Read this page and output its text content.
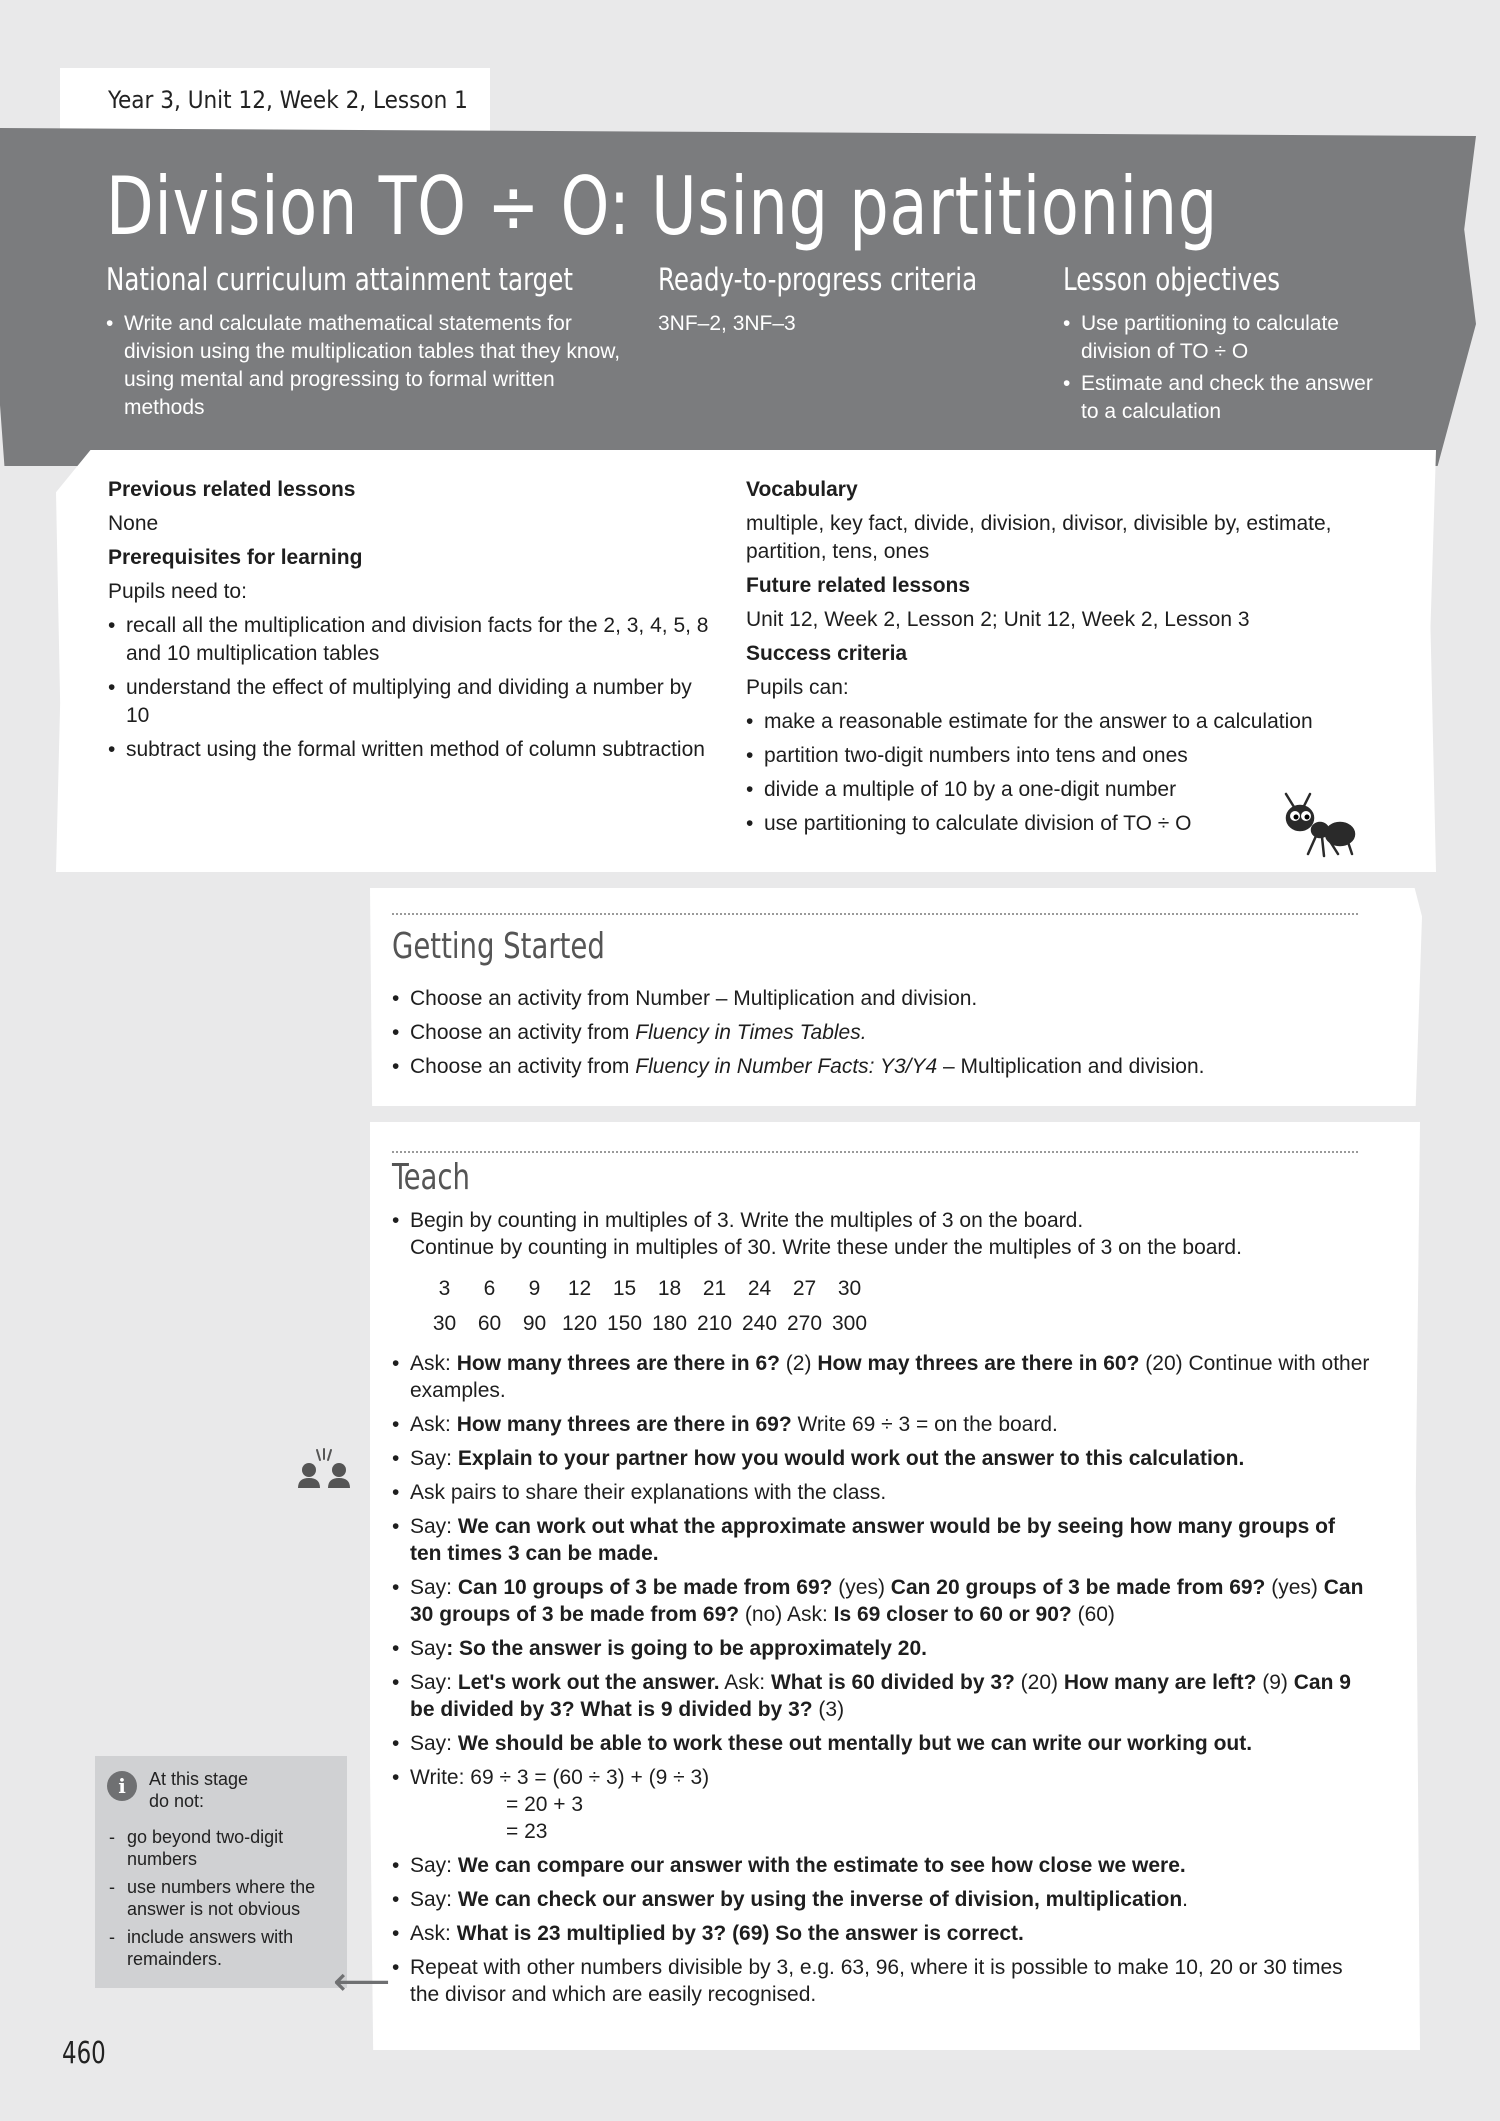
Year 3, Unit 12, Week 2, Lesson 1
Division TO ÷ O: Using partitioning
National curriculum attainment target
• Write and calculate mathematical statements for division using the multiplication tables that they know, using mental and progressing to formal written methods
Ready-to-progress criteria
3NF–2, 3NF–3
Lesson objectives
• Use partitioning to calculate division of TO ÷ O
• Estimate and check the answer to a calculation
Previous related lessons
None
Prerequisites for learning
Pupils need to:
• recall all the multiplication and division facts for the 2, 3, 4, 5, 8 and 10 multiplication tables
• understand the effect of multiplying and dividing a number by 10
• subtract using the formal written method of column subtraction
Vocabulary
multiple, key fact, divide, division, divisor, divisible by, estimate, partition, tens, ones
Future related lessons
Unit 12, Week 2, Lesson 2; Unit 12, Week 2, Lesson 3
Success criteria
Pupils can:
• make a reasonable estimate for the answer to a calculation
• partition two-digit numbers into tens and ones
• divide a multiple of 10 by a one-digit number
• use partitioning to calculate division of TO ÷ O
Getting Started
• Choose an activity from Number – Multiplication and division.
• Choose an activity from Fluency in Times Tables.
• Choose an activity from Fluency in Number Facts: Y3/Y4 – Multiplication and division.
Teach
• Begin by counting in multiples of 3. Write the multiples of 3 on the board.
Continue by counting in multiples of 30. Write these under the multiples of 3 on the board.
3	6	9	12	15	18	21	24	27	30
30	60	90	120	150	180	210	240	270	300
• Ask: How many threes are there in 6? (2) How may threes are there in 60? (20) Continue with other examples.
• Ask: How many threes are there in 69? Write 69 ÷ 3 = on the board.
• Say: Explain to your partner how you would work out the answer to this calculation.
• Ask pairs to share their explanations with the class.
• Say: We can work out what the approximate answer would be by seeing how many groups of ten times 3 can be made.
• Say: Can 10 groups of 3 be made from 69? (yes) Can 20 groups of 3 be made from 69? (yes) Can 30 groups of 3 be made from 69? (no) Ask: Is 69 closer to 60 or 90? (60)
• Say: So the answer is going to be approximately 20.
• Say: Let's work out the answer. Ask: What is 60 divided by 3? (20) How many are left? (9) Can 9 be divided by 3? What is 9 divided by 3? (3)
• Say: We should be able to work these out mentally but we can write our working out.
• Write: 69 ÷ 3 = (60 ÷ 3) + (9 ÷ 3)
= 20 + 3
= 23
• Say: We can compare our answer with the estimate to see how close we were.
• Say: We can check our answer by using the inverse of division, multiplication.
• Ask: What is 23 multiplied by 3? (69) So the answer is correct.
• Repeat with other numbers divisible by 3, e.g. 63, 96, where it is possible to make 10, 20 or 30 times the divisor and which are easily recognised.
i	At this stage
do not:
- go beyond two-digit numbers
- use numbers where the answer is not obvious
- include answers with remainders.
⟵
460
